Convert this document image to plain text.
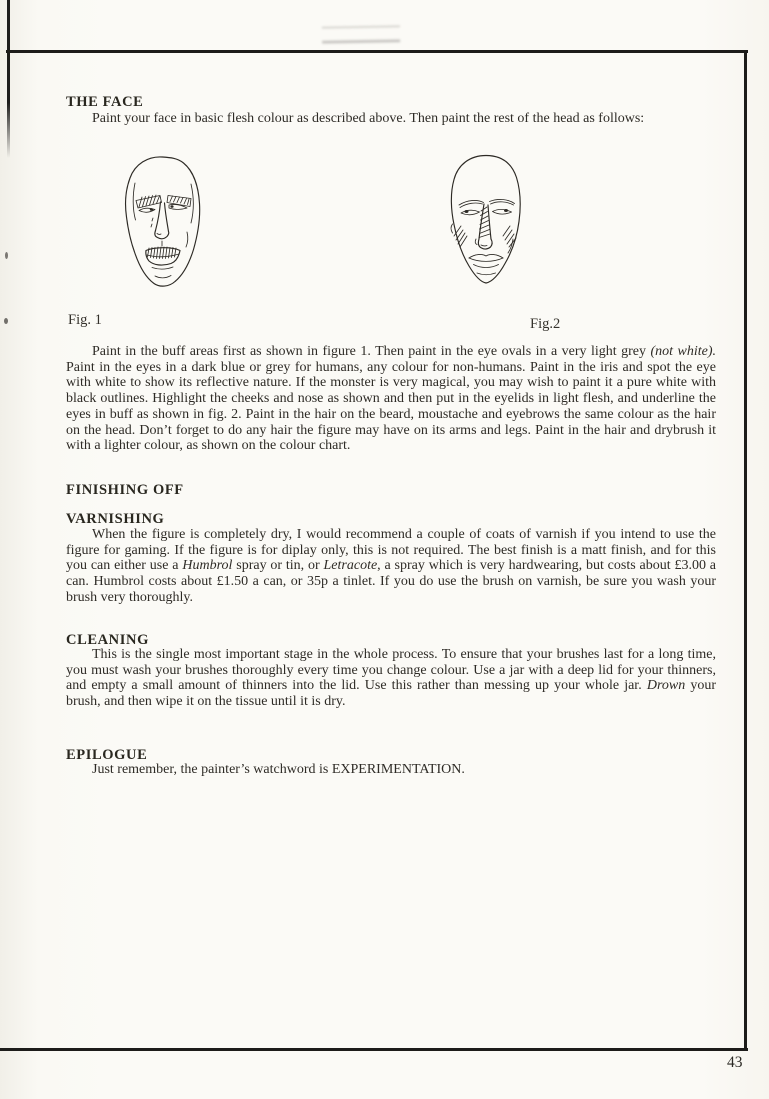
THE FACE

Paint your face in basic flesh colour as described above. Then paint the rest of the head as follows:

Fig. 1	Fig.2

Paint in the buff areas first as shown in figure 1. Then paint in the eye ovals in a very light grey (not white). Paint in the eyes in a dark blue or grey for humans, any colour for non-humans. Paint in the iris and spot the eye with white to show its reflective nature. If the monster is very magical, you may wish to paint it a pure white with black outlines. Highlight the cheeks and nose as shown and then put in the eyelids in light flesh, and underline the eyes in buff as shown in fig. 2. Paint in the hair on the beard, moustache and eyebrows the same colour as the hair on the head. Don’t forget to do any hair the figure may have on its arms and legs. Paint in the hair and drybrush it with a lighter colour, as shown on the colour chart.

FINISHING OFF
VARNISHING

When the figure is completely dry, I would recommend a couple of coats of varnish if you intend to use the figure for gaming. If the figure is for diplay only, this is not required. The best finish is a matt finish, and for this you can either use a Humbrol spray or tin, or Letracote, a spray which is very hardwearing, but costs about £3.00 a can. Humbrol costs about £1.50 a can, or 35p a tinlet. If you do use the brush on varnish, be sure you wash your brush very thoroughly.

CLEANING

This is the single most important stage in the whole process. To ensure that your brushes last for a long time, you must wash your brushes thoroughly every time you change colour. Use a jar with a deep lid for your thinners, and empty a small amount of thinners into the lid. Use this rather than messing up your whole jar. Drown your brush, and then wipe it on the tissue until it is dry.

EPILOGUE

Just remember, the painter’s watchword is EXPERIMENTATION.

43
